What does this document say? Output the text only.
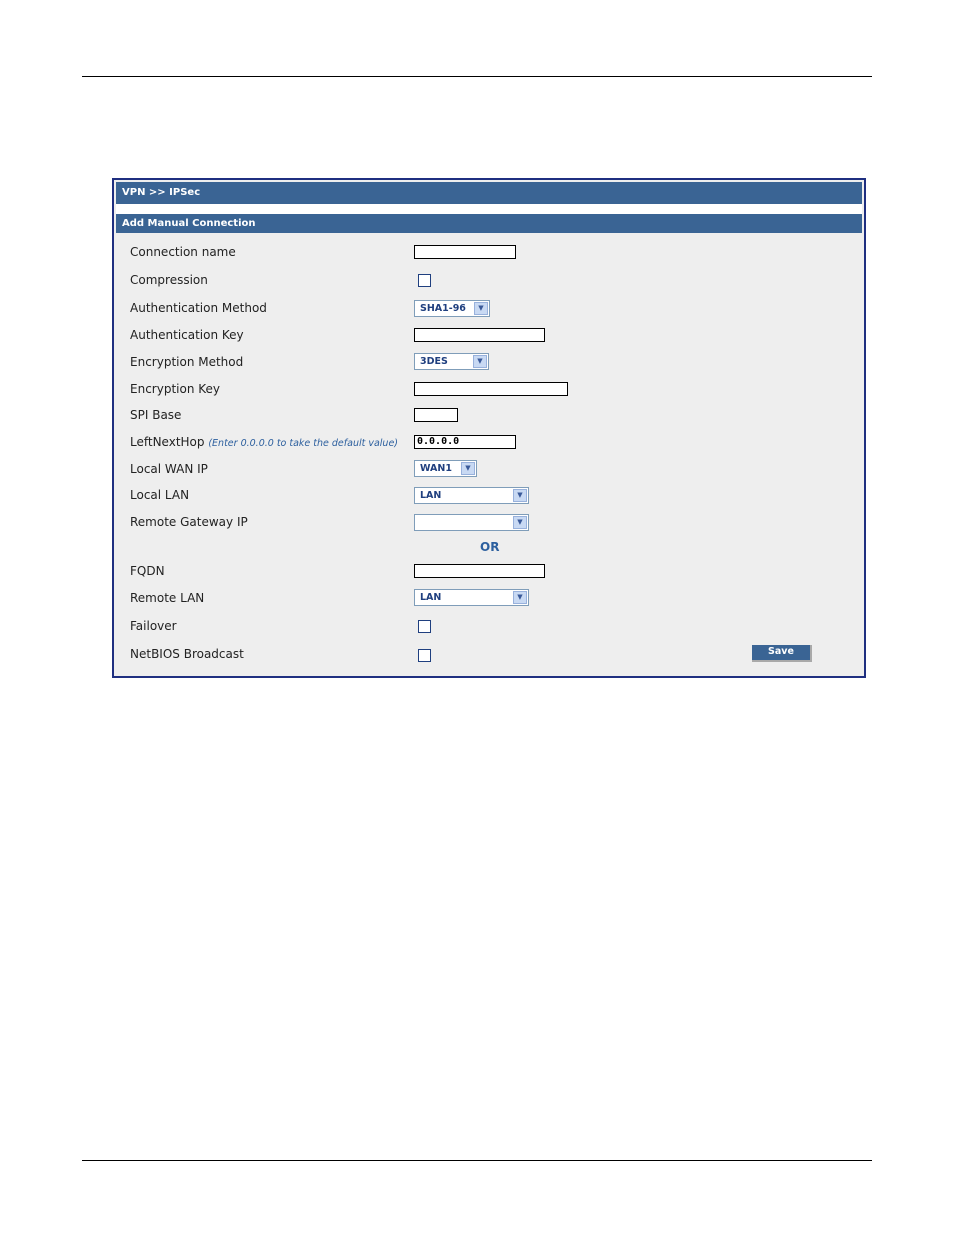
VPN >> IPSec
Add Manual Connection
Connection name
Compression
Authentication Method	SHA1-96	▼
Authentication Key
Encryption Method	3DES	▼
Encryption Key
SPI Base
LeftNextHop (Enter 0.0.0.0 to take the default value)	0.0.0.0
Local WAN IP	WAN1	▼
Local LAN	LAN	▼
Remote Gateway IP	▼
OR
FQDN
Remote LAN	LAN	▼
Failover
NetBIOS Broadcast	Save
